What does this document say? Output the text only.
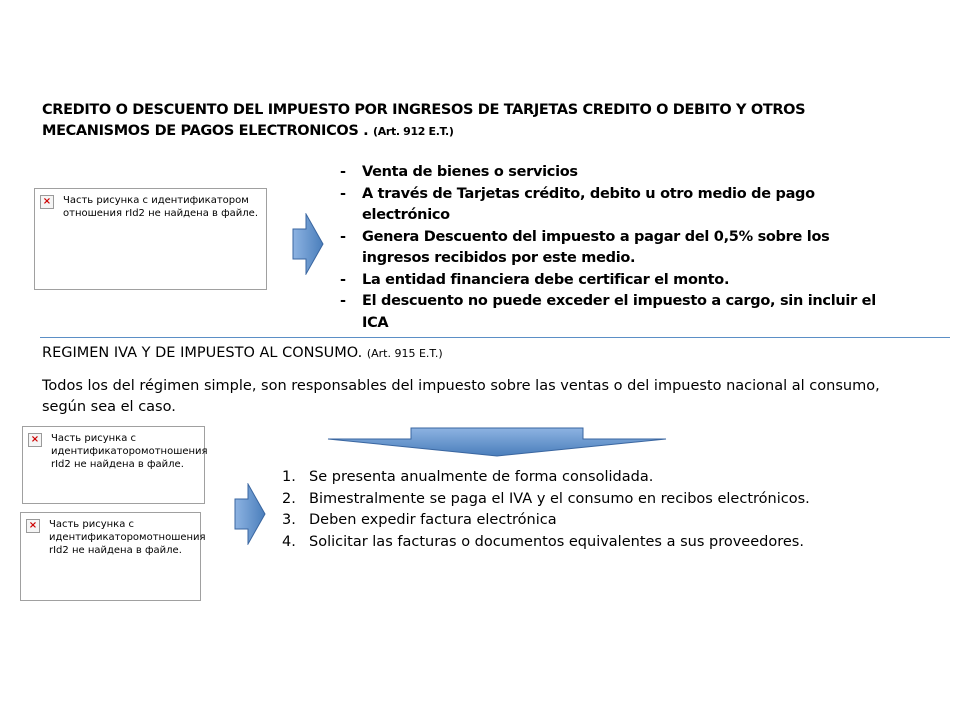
CREDITO O DESCUENTO DEL IMPUESTO POR INGRESOS DE TARJETAS CREDITO O DEBITO Y OTROS MECANISMOS DE PAGOS ELECTRONICOS . (Art. 912 E.T.)
× Часть рисунка с идентификатором отношения rId2 не найдена в файле.
- Venta de bienes o servicios
- A través de Tarjetas crédito, debito u otro medio de pago electrónico
- Genera Descuento del impuesto a pagar del 0,5% sobre los ingresos recibidos por este medio.
- La entidad financiera debe certificar el monto.
- El descuento no puede exceder el impuesto a cargo, sin incluir el ICA
REGIMEN IVA Y DE IMPUESTO AL CONSUMO. (Art. 915 E.T.)
Todos los del régimen simple, son responsables del impuesto sobre las ventas o del impuesto nacional al consumo, según sea el caso.
× Часть рисунка с идентификаторомотношения rId2 не найдена в файле.
× Часть рисунка с идентификаторомотношения rId2 не найдена в файле.
1. Se presenta anualmente de forma consolidada.
2. Bimestralmente se paga el IVA y el consumo en recibos electrónicos.
3. Deben expedir factura electrónica
4. Solicitar las facturas o documentos equivalentes a sus proveedores.
